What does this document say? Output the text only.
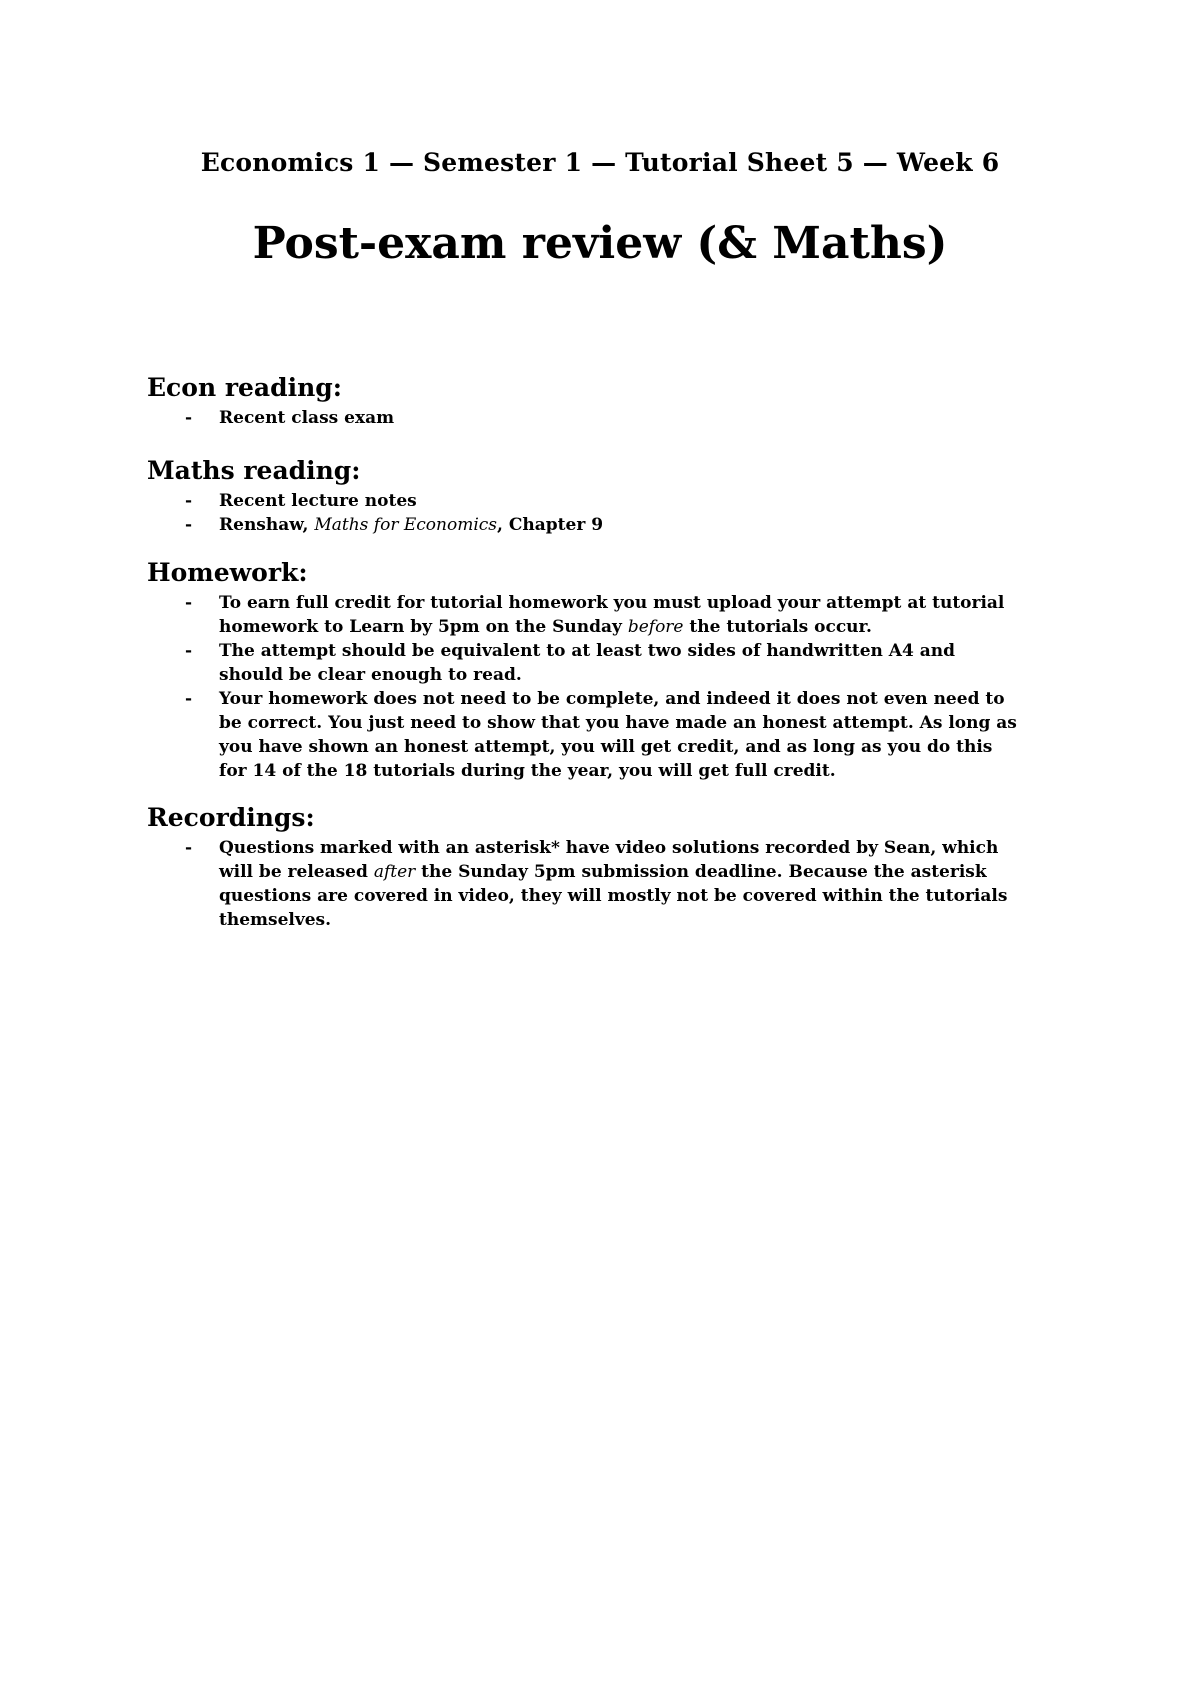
Economics 1 — Semester 1 — Tutorial Sheet 5 — Week 6
Post-exam review (& Maths)
Econ reading:
- Recent class exam
Maths reading:
- Recent lecture notes
- Renshaw, Maths for Economics, Chapter 9
Homework:
- To earn full credit for tutorial homework you must upload your attempt at tutorial homework to Learn by 5pm on the Sunday before the tutorials occur.
- The attempt should be equivalent to at least two sides of handwritten A4 and should be clear enough to read.
- Your homework does not need to be complete, and indeed it does not even need to be correct. You just need to show that you have made an honest attempt. As long as you have shown an honest attempt, you will get credit, and as long as you do this for 14 of the 18 tutorials during the year, you will get full credit.
Recordings:
- Questions marked with an asterisk* have video solutions recorded by Sean, which will be released after the Sunday 5pm submission deadline. Because the asterisk questions are covered in video, they will mostly not be covered within the tutorials themselves.
